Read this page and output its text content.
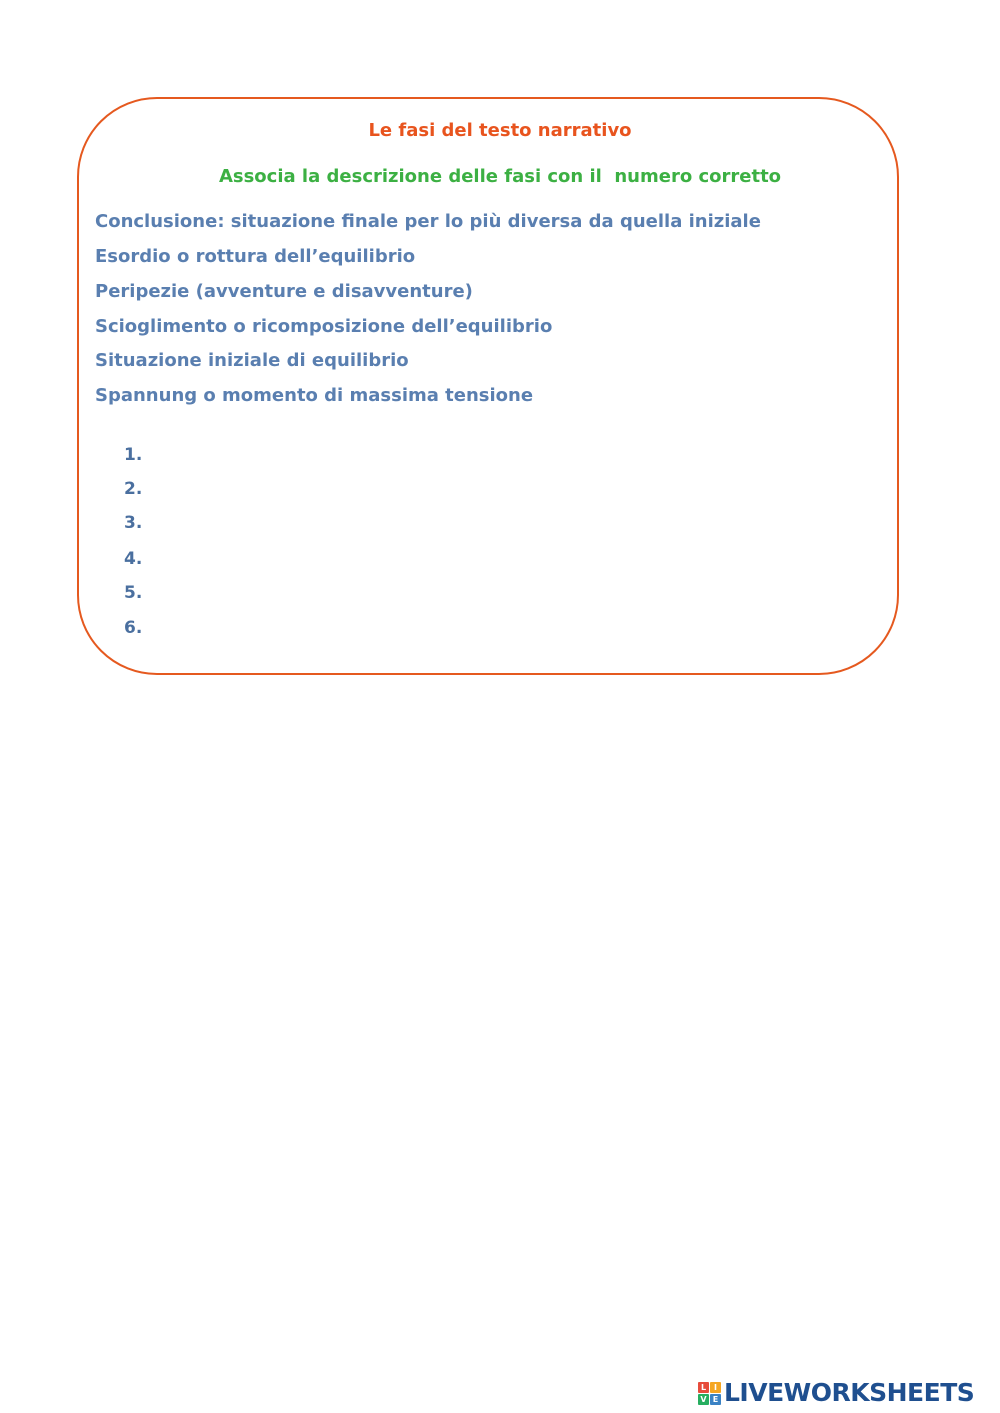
Le fasi del testo narrativo
Associa la descrizione delle fasi con il  numero corretto
Conclusione: situazione finale per lo più diversa da quella iniziale
Esordio o rottura dell’equilibrio
Peripezie (avventure e disavventure)
Scioglimento o ricomposizione dell’equilibrio
Situazione iniziale di equilibrio
Spannung o momento di massima tensione
1.
2.
3.
4.
5.
6.
L I
V E LIVEWORKSHEETS
